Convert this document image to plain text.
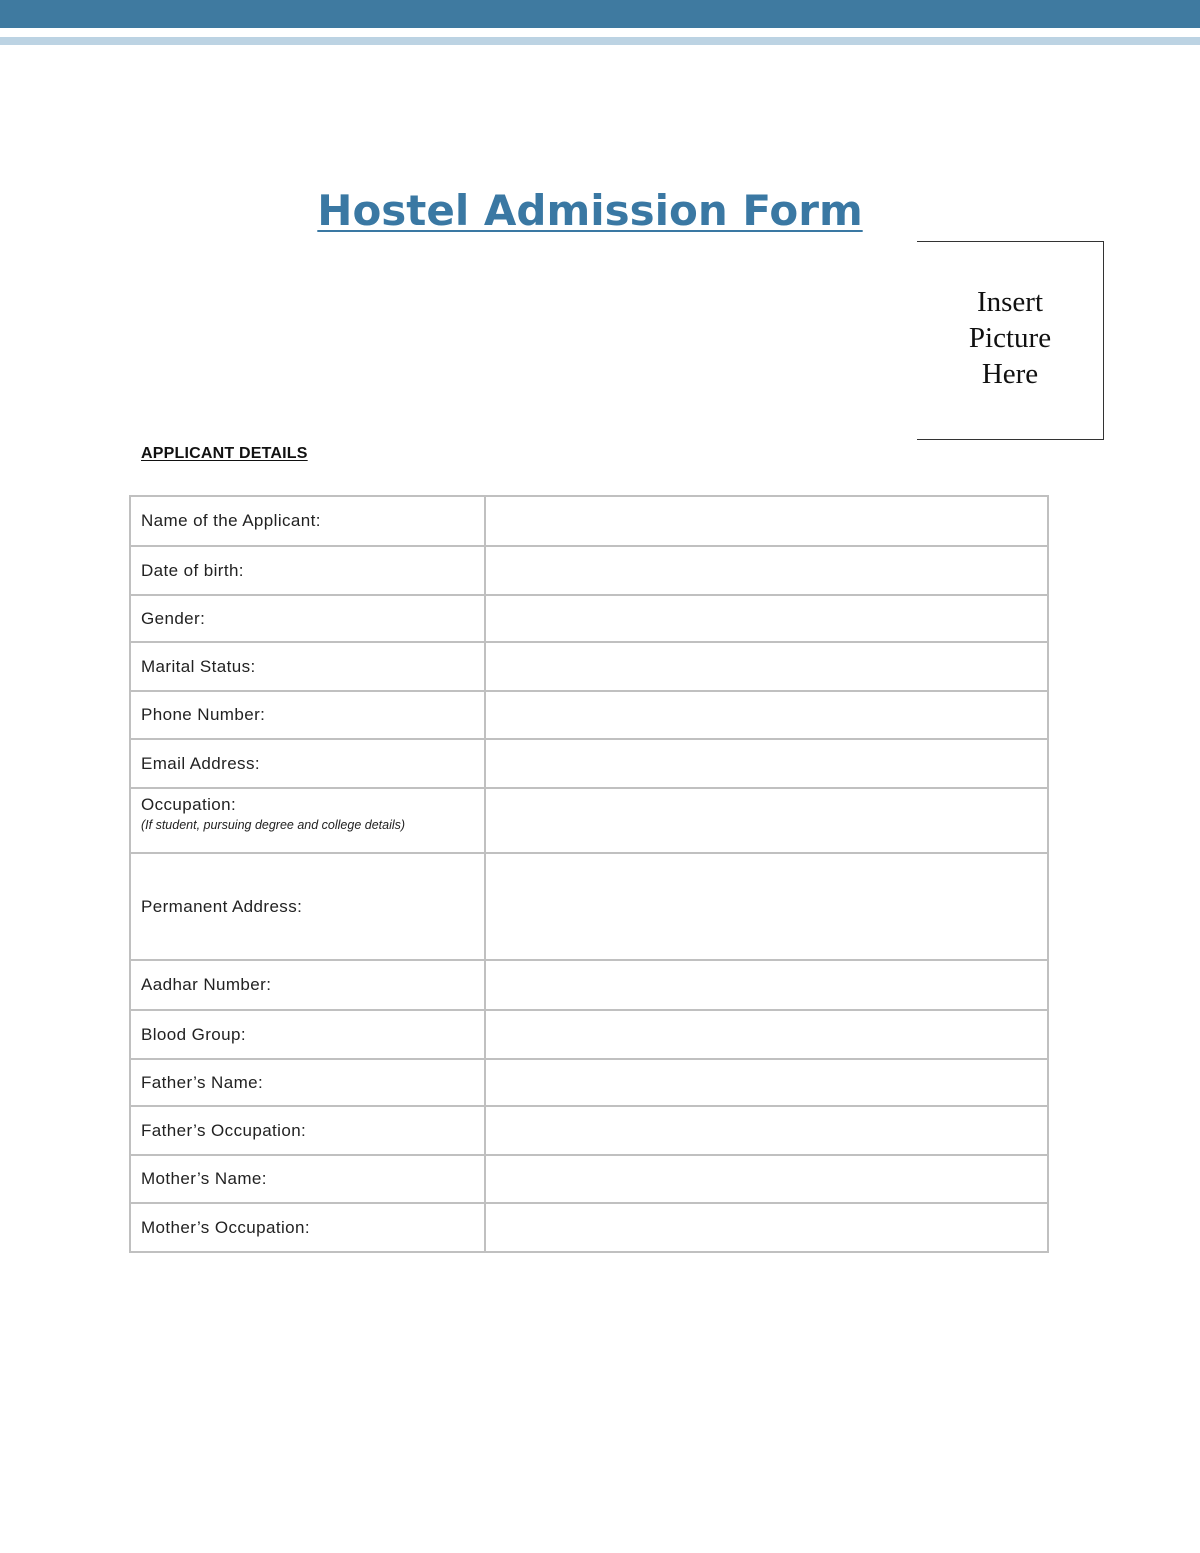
Hostel Admission Form
Insert
Picture
Here
APPLICANT DETAILS
Name of the Applicant:	
Date of birth:	
Gender:	
Marital Status:	
Phone Number:	
Email Address:	
Occupation:
(If student, pursuing degree and college details)	

Permanent Address:	
Aadhar Number:	
Blood Group:	
Father’s Name:	
Father’s Occupation:	
Mother’s Name:	
Mother’s Occupation:	
